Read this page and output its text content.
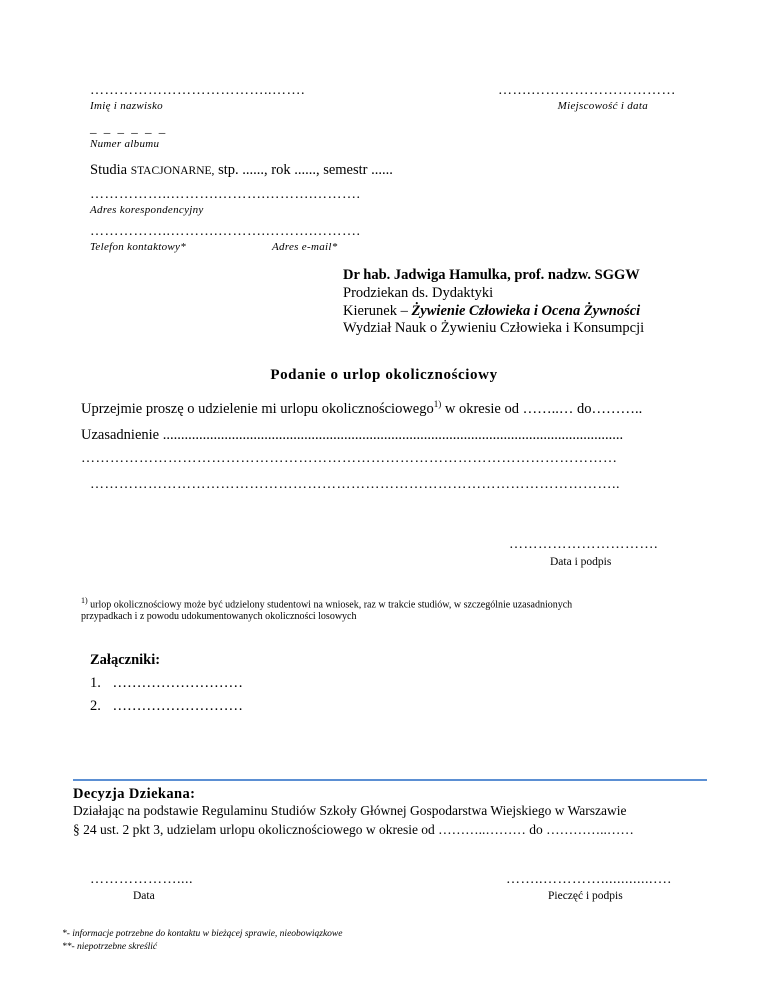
………………………………..…….
Imię i nazwisko
…….…………………………
Miejscowość i data
_ _ _ _ _ _
Numer albumu
Studia STACJONARNE, stp. ......, rok ......, semestr ......
……………..……….……….……….……….
Adres korespondencyjny
……………..……….……….……….……….
Telefon kontaktowy*	Adres e-mail*
Dr hab. Jadwiga Hamulka, prof. nadzw. SGGW
Prodziekan ds. Dydaktyki
Kierunek – Żywienie Człowieka i Ocena Żywności
Wydział Nauk o Żywieniu Człowieka i Konsumpcji
Podanie o urlop okolicznościowy
Uprzejmie proszę o udzielenie mi urlopu okolicznościowego$^{1)}$ w okresie od ……..… do………..
Uzasadnienie ...............................................................................................................................
…………………………………………………………………………………………………
………………………………………………………………………………………………..
………………………….
Data i podpis
$^{1)}$ urlop okolicznościowy może być udzielony studentowi na wniosek, raz w trakcie studiów, w szczególnie uzasadnionych
przypadkach i z powodu udokumentowanych okoliczności losowych
Załączniki:
1. ………………………
2. ………………………
Decyzja Dziekana:
Działając na podstawie Regulaminu Studiów Szkoły Głównej Gospodarstwa Wiejskiego w Warszawie
§ 24 ust. 2 pkt 3, udzielam urlopu okolicznościowego w okresie od ………..……… do …………..……
………………....
Data
……..………….............….
Pieczęć i podpis
*- informacje potrzebne do kontaktu w bieżącej sprawie, nieobowiązkowe
**- niepotrzebne skreślić
